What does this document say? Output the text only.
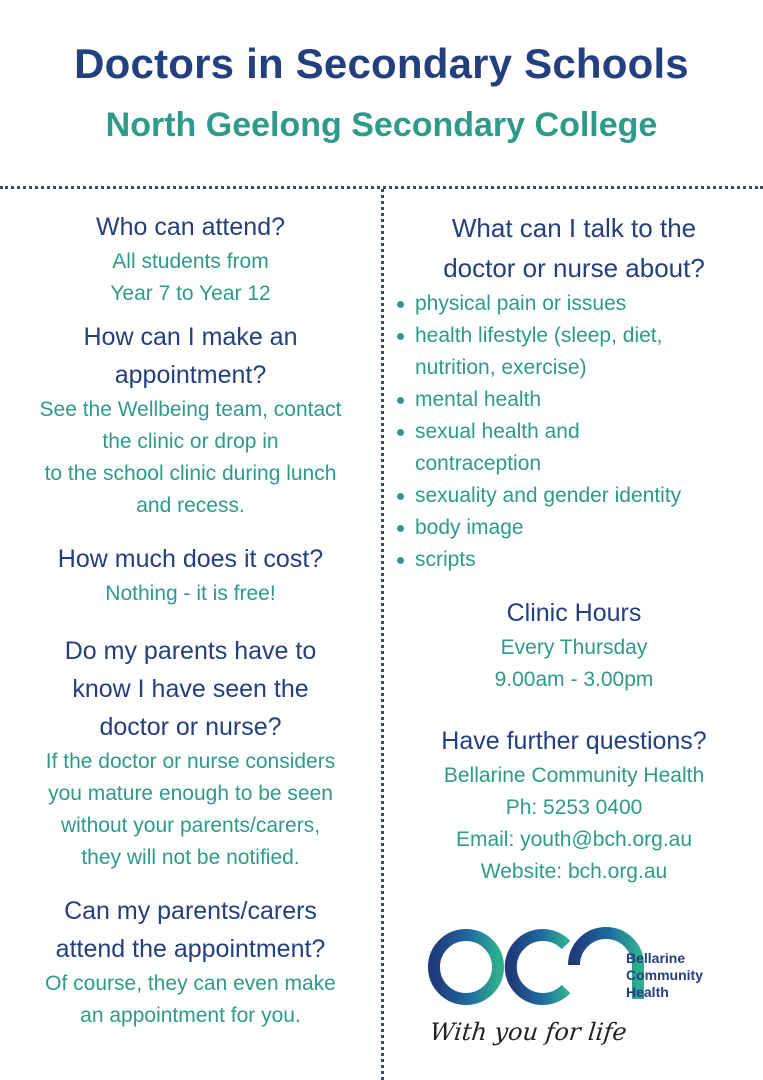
Doctors in Secondary Schools
North Geelong Secondary College

Who can attend?

All students from

Year 7 to Year 12

How can I make an

appointment?

See the Wellbeing team, contact

the clinic or drop in

to the school clinic during lunch

and recess.

How much does it cost?

Nothing - it is free!

Do my parents have to

know I have seen the

doctor or nurse?

If the doctor or nurse considers

you mature enough to be seen

without your parents/carers,

they will not be notified.

Can my parents/carers

attend the appointment?

Of course, they can even make

an appointment for you.

What can I talk to the

doctor or nurse about?

physical pain or issues
health lifestyle (sleep, diet,
nutrition, exercise)
mental health
sexual health and
contraception
sexuality and gender identity
body image
scripts

Clinic Hours

Every Thursday

9.00am - 3.00pm

Have further questions?

Bellarine Community Health

Ph: 5253 0400

Email: youth@bch.org.au

Website: bch.org.au

Bellarine
Community
Health
With you for life
